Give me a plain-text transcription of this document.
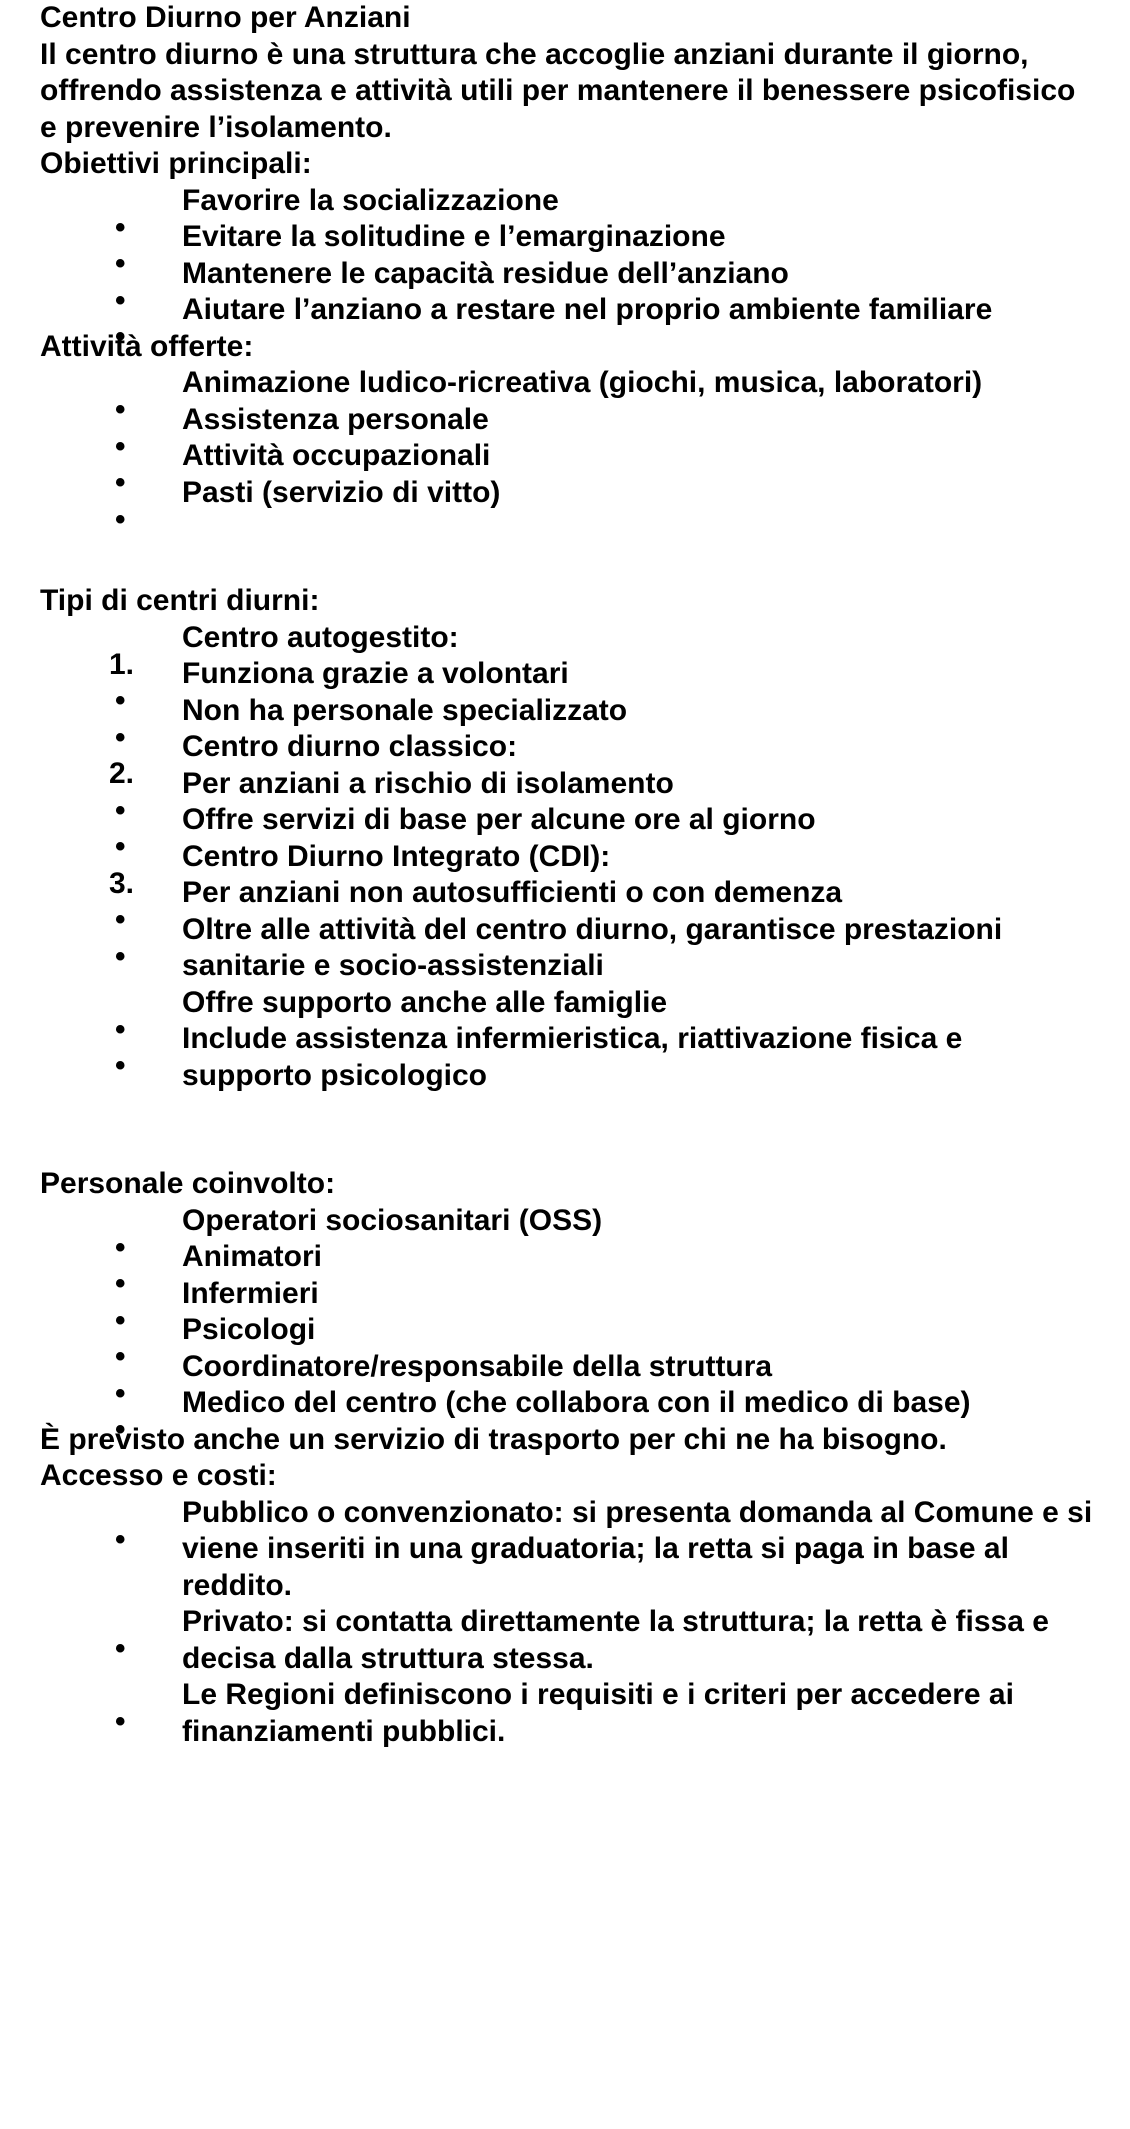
Centro Diurno per Anziani

Il centro diurno è una struttura che accoglie anziani durante il giorno, offrendo assistenza e attività utili per mantenere il benessere psicofisico e prevenire l’isolamento.

Obiettivi principali:

Favorire la socializzazione
Evitare la solitudine e l’emarginazione
Mantenere le capacità residue dell’anziano
Aiutare l’anziano a restare nel proprio ambiente familiare

Attività offerte:

Animazione ludico-ricreativa (giochi, musica, laboratori)
Assistenza personale
Attività occupazionali
Pasti (servizio di vitto)

Tipi di centri diurni:

1.
Centro autogestito:
Funziona grazie a volontari
Non ha personale specializzato
2.
Centro diurno classico:
Per anziani a rischio di isolamento
Offre servizi di base per alcune ore al giorno
3.
Centro Diurno Integrato (CDI):
Per anziani non autosufficienti o con demenza
Oltre alle attività del centro diurno, garantisce prestazioni sanitarie e socio-assistenziali
Offre supporto anche alle famiglie
Include assistenza infermieristica, riattivazione fisica e supporto psicologico

Personale coinvolto:

Operatori sociosanitari (OSS)
Animatori
Infermieri
Psicologi
Coordinatore/responsabile della struttura
Medico del centro (che collabora con il medico di base)

È previsto anche un servizio di trasporto per chi ne ha bisogno.

Accesso e costi:

Pubblico o convenzionato: si presenta domanda al Comune e si viene inseriti in una graduatoria; la retta si paga in base al reddito.
Privato: si contatta direttamente la struttura; la retta è fissa e decisa dalla struttura stessa.
Le Regioni definiscono i requisiti e i criteri per accedere ai finanziamenti pubblici.
